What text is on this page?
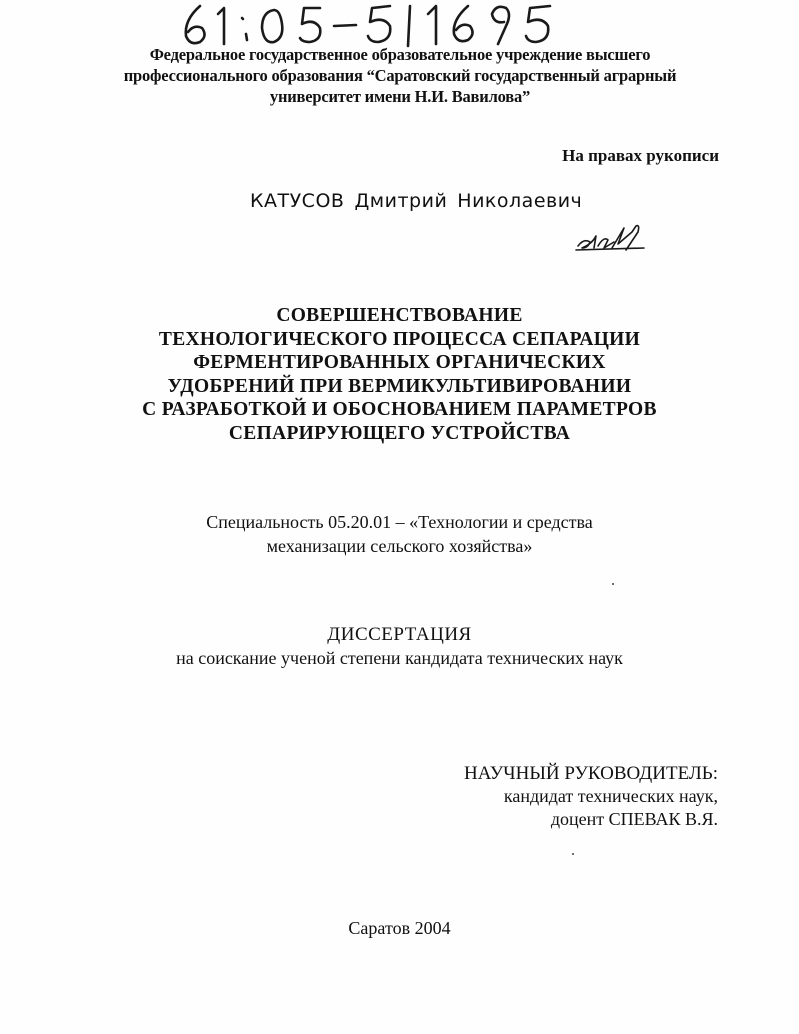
Федеральное государственное образовательное учреждение высшего
профессионального образования “Саратовский государственный аграрный
университет имени Н.И. Вавилова”
На правах рукописи
КАТУСОВ Дмитрий Николаевич
СОВЕРШЕНСТВОВАНИЕ
ТЕХНОЛОГИЧЕСКОГО ПРОЦЕССА СЕПАРАЦИИ
ФЕРМЕНТИРОВАННЫХ ОРГАНИЧЕСКИХ
УДОБРЕНИЙ ПРИ ВЕРМИКУЛЬТИВИРОВАНИИ
С РАЗРАБОТКОЙ И ОБОСНОВАНИЕМ ПАРАМЕТРОВ
СЕПАРИРУЮЩЕГО УСТРОЙСТВА
Специальность 05.20.01 – «Технологии и средства
механизации сельского хозяйства»
ДИССЕРТАЦИЯ
на соискание ученой степени кандидата технических наук
НАУЧНЫЙ РУКОВОДИТЕЛЬ:
кандидат технических наук,
доцент СПЕВАК В.Я.
Саратов 2004
